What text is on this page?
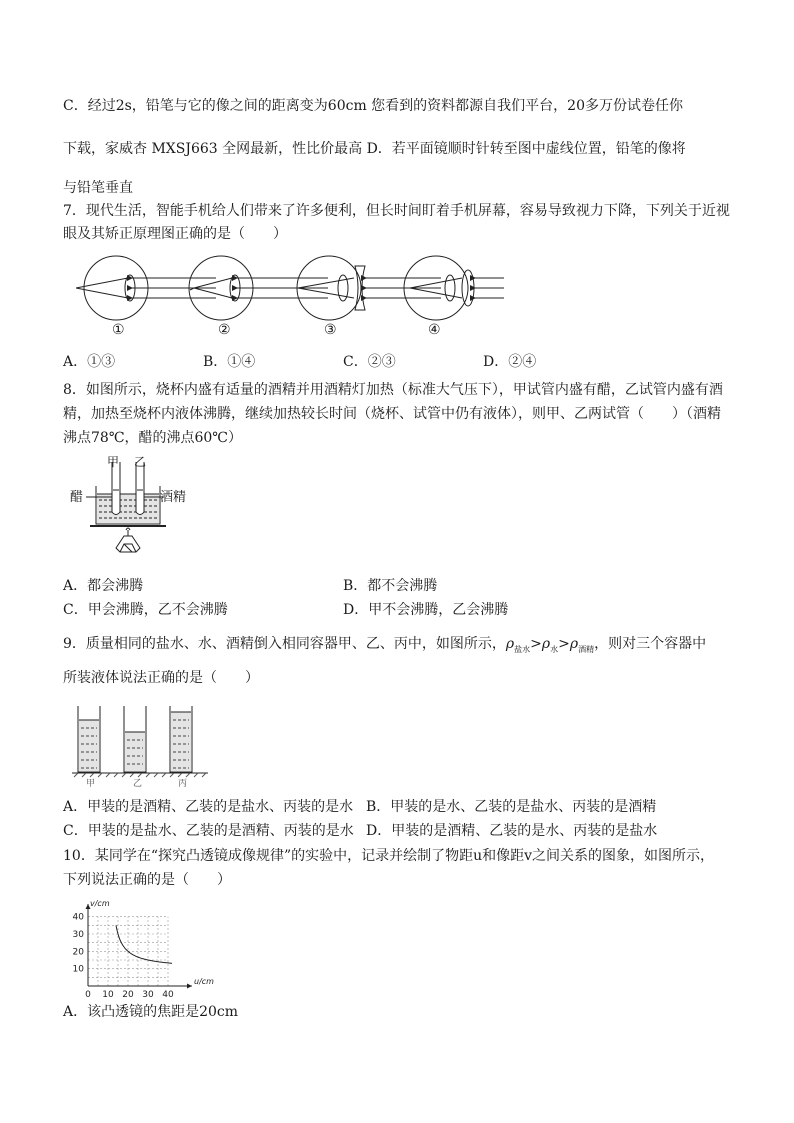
C．经过2s，铅笔与它的像之间的距离变为60cm 您看到的资料都源自我们平台，20多万份试卷任你
下载，家威杏 MXSJ663 全网最新，性比价最高 D．若平面镜顺时针转至图中虚线位置，铅笔的像将
与铅笔垂直
7．现代生活，智能手机给人们带来了许多便利，但长时间盯着手机屏幕，容易导致视力下降，下列关于近视
眼及其矫正原理图正确的是（　　）
①	②	③	④
A．①③	B．①④	C．②③	D．②④
8．如图所示，烧杯内盛有适量的酒精并用酒精灯加热（标准大气压下），甲试管内盛有醋，乙试管内盛有酒
精，加热至烧杯内液体沸腾，继续加热较长时间（烧杯、试管中仍有液体），则甲、乙两试管（　　）（酒精
沸点78℃，醋的沸点60℃）
甲 乙
醋	酒精
A．都会沸腾	B．都不会沸腾
C．甲会沸腾，乙不会沸腾	D．甲不会沸腾，乙会沸腾
9．质量相同的盐水、水、酒精倒入相同容器甲、乙、丙中，如图所示，$\rho_{盐水}>\rho_水>\rho_{酒精}$，则对三个容器中
所装液体说法正确的是（　　）
甲	乙	丙
A．甲装的是酒精、乙装的是盐水、丙装的是水 B．甲装的是水、乙装的是盐水、丙装的是酒精
C．甲装的是盐水、乙装的是酒精、丙装的是水 D．甲装的是酒精、乙装的是水、丙装的是盐水
10．某同学在“探究凸透镜成像规律”的实验中，记录并绘制了物距u和像距v之间关系的图象，如图所示，
下列说法正确的是（　　）
0 10 20 30 40
10
20
30
40
u/cm
v/cm
A．该凸透镜的焦距是20cm
